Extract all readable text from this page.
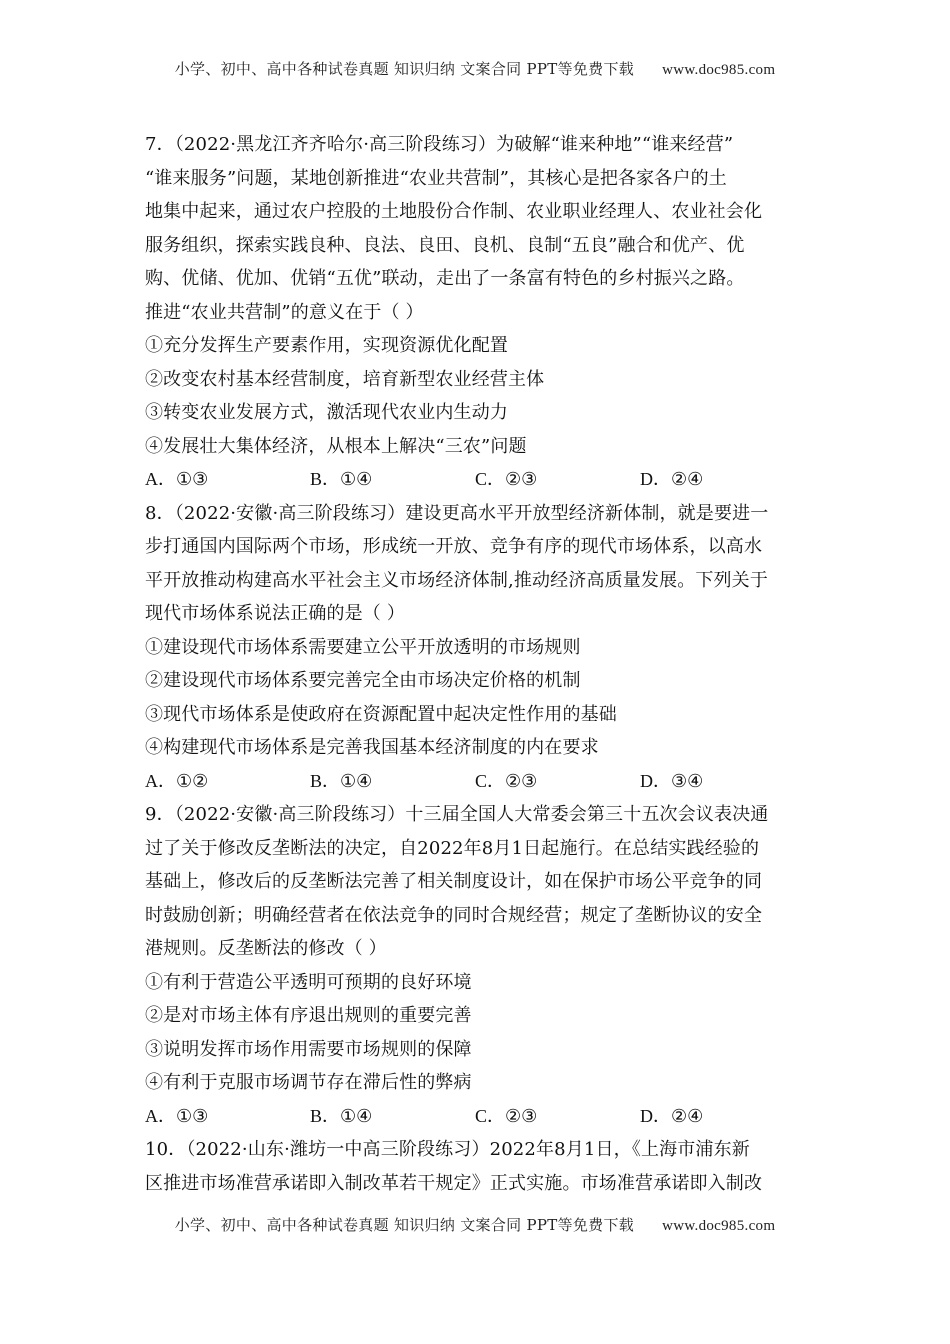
小学、初中、高中各种试卷真题 知识归纳 文案合同 PPT等免费下载 www.doc985.com
7．（2022·黑龙江齐齐哈尔·高三阶段练习）为破解“谁来种地”“谁来经营”
“谁来服务”问题，某地创新推进“农业共营制”，其核心是把各家各户的土
地集中起来，通过农户控股的土地股份合作制、农业职业经理人、农业社会化
服务组织，探索实践良种、良法、良田、良机、良制“五良”融合和优产、优
购、优储、优加、优销“五优”联动，走出了一条富有特色的乡村振兴之路。
推进“农业共营制”的意义在于（ ）
①充分发挥生产要素作用，实现资源优化配置
②改变农村基本经营制度，培育新型农业经营主体
③转变农业发展方式，激活现代农业内生动力
④发展壮大集体经济，从根本上解决“三农”问题
A．①③	B．①④	C．②③	D．②④
8．（2022·安徽·高三阶段练习）建设更高水平开放型经济新体制，就是要进一
步打通国内国际两个市场，形成统一开放、竞争有序的现代市场体系，以高水
平开放推动构建高水平社会主义市场经济体制,推动经济高质量发展。下列关于
现代市场体系说法正确的是（ ）
①建设现代市场体系需要建立公平开放透明的市场规则
②建设现代市场体系要完善完全由市场决定价格的机制
③现代市场体系是使政府在资源配置中起决定性作用的基础
④构建现代市场体系是完善我国基本经济制度的内在要求
A．①②	B．①④	C．②③	D．③④
9．（2022·安徽·高三阶段练习）十三届全国人大常委会第三十五次会议表决通
过了关于修改反垄断法的决定，自2022年8月1日起施行。在总结实践经验的
基础上，修改后的反垄断法完善了相关制度设计，如在保护市场公平竞争的同
时鼓励创新；明确经营者在依法竞争的同时合规经营；规定了垄断协议的安全
港规则。反垄断法的修改（ ）
①有利于营造公平透明可预期的良好环境
②是对市场主体有序退出规则的重要完善
③说明发挥市场作用需要市场规则的保障
④有利于克服市场调节存在滞后性的弊病
A．①③	B．①④	C．②③	D．②④
10．（2022·山东·潍坊一中高三阶段练习）2022年8月1日，《上海市浦东新
区推进市场准营承诺即入制改革若干规定》正式实施。市场准营承诺即入制改
小学、初中、高中各种试卷真题 知识归纳 文案合同 PPT等免费下载 www.doc985.com
